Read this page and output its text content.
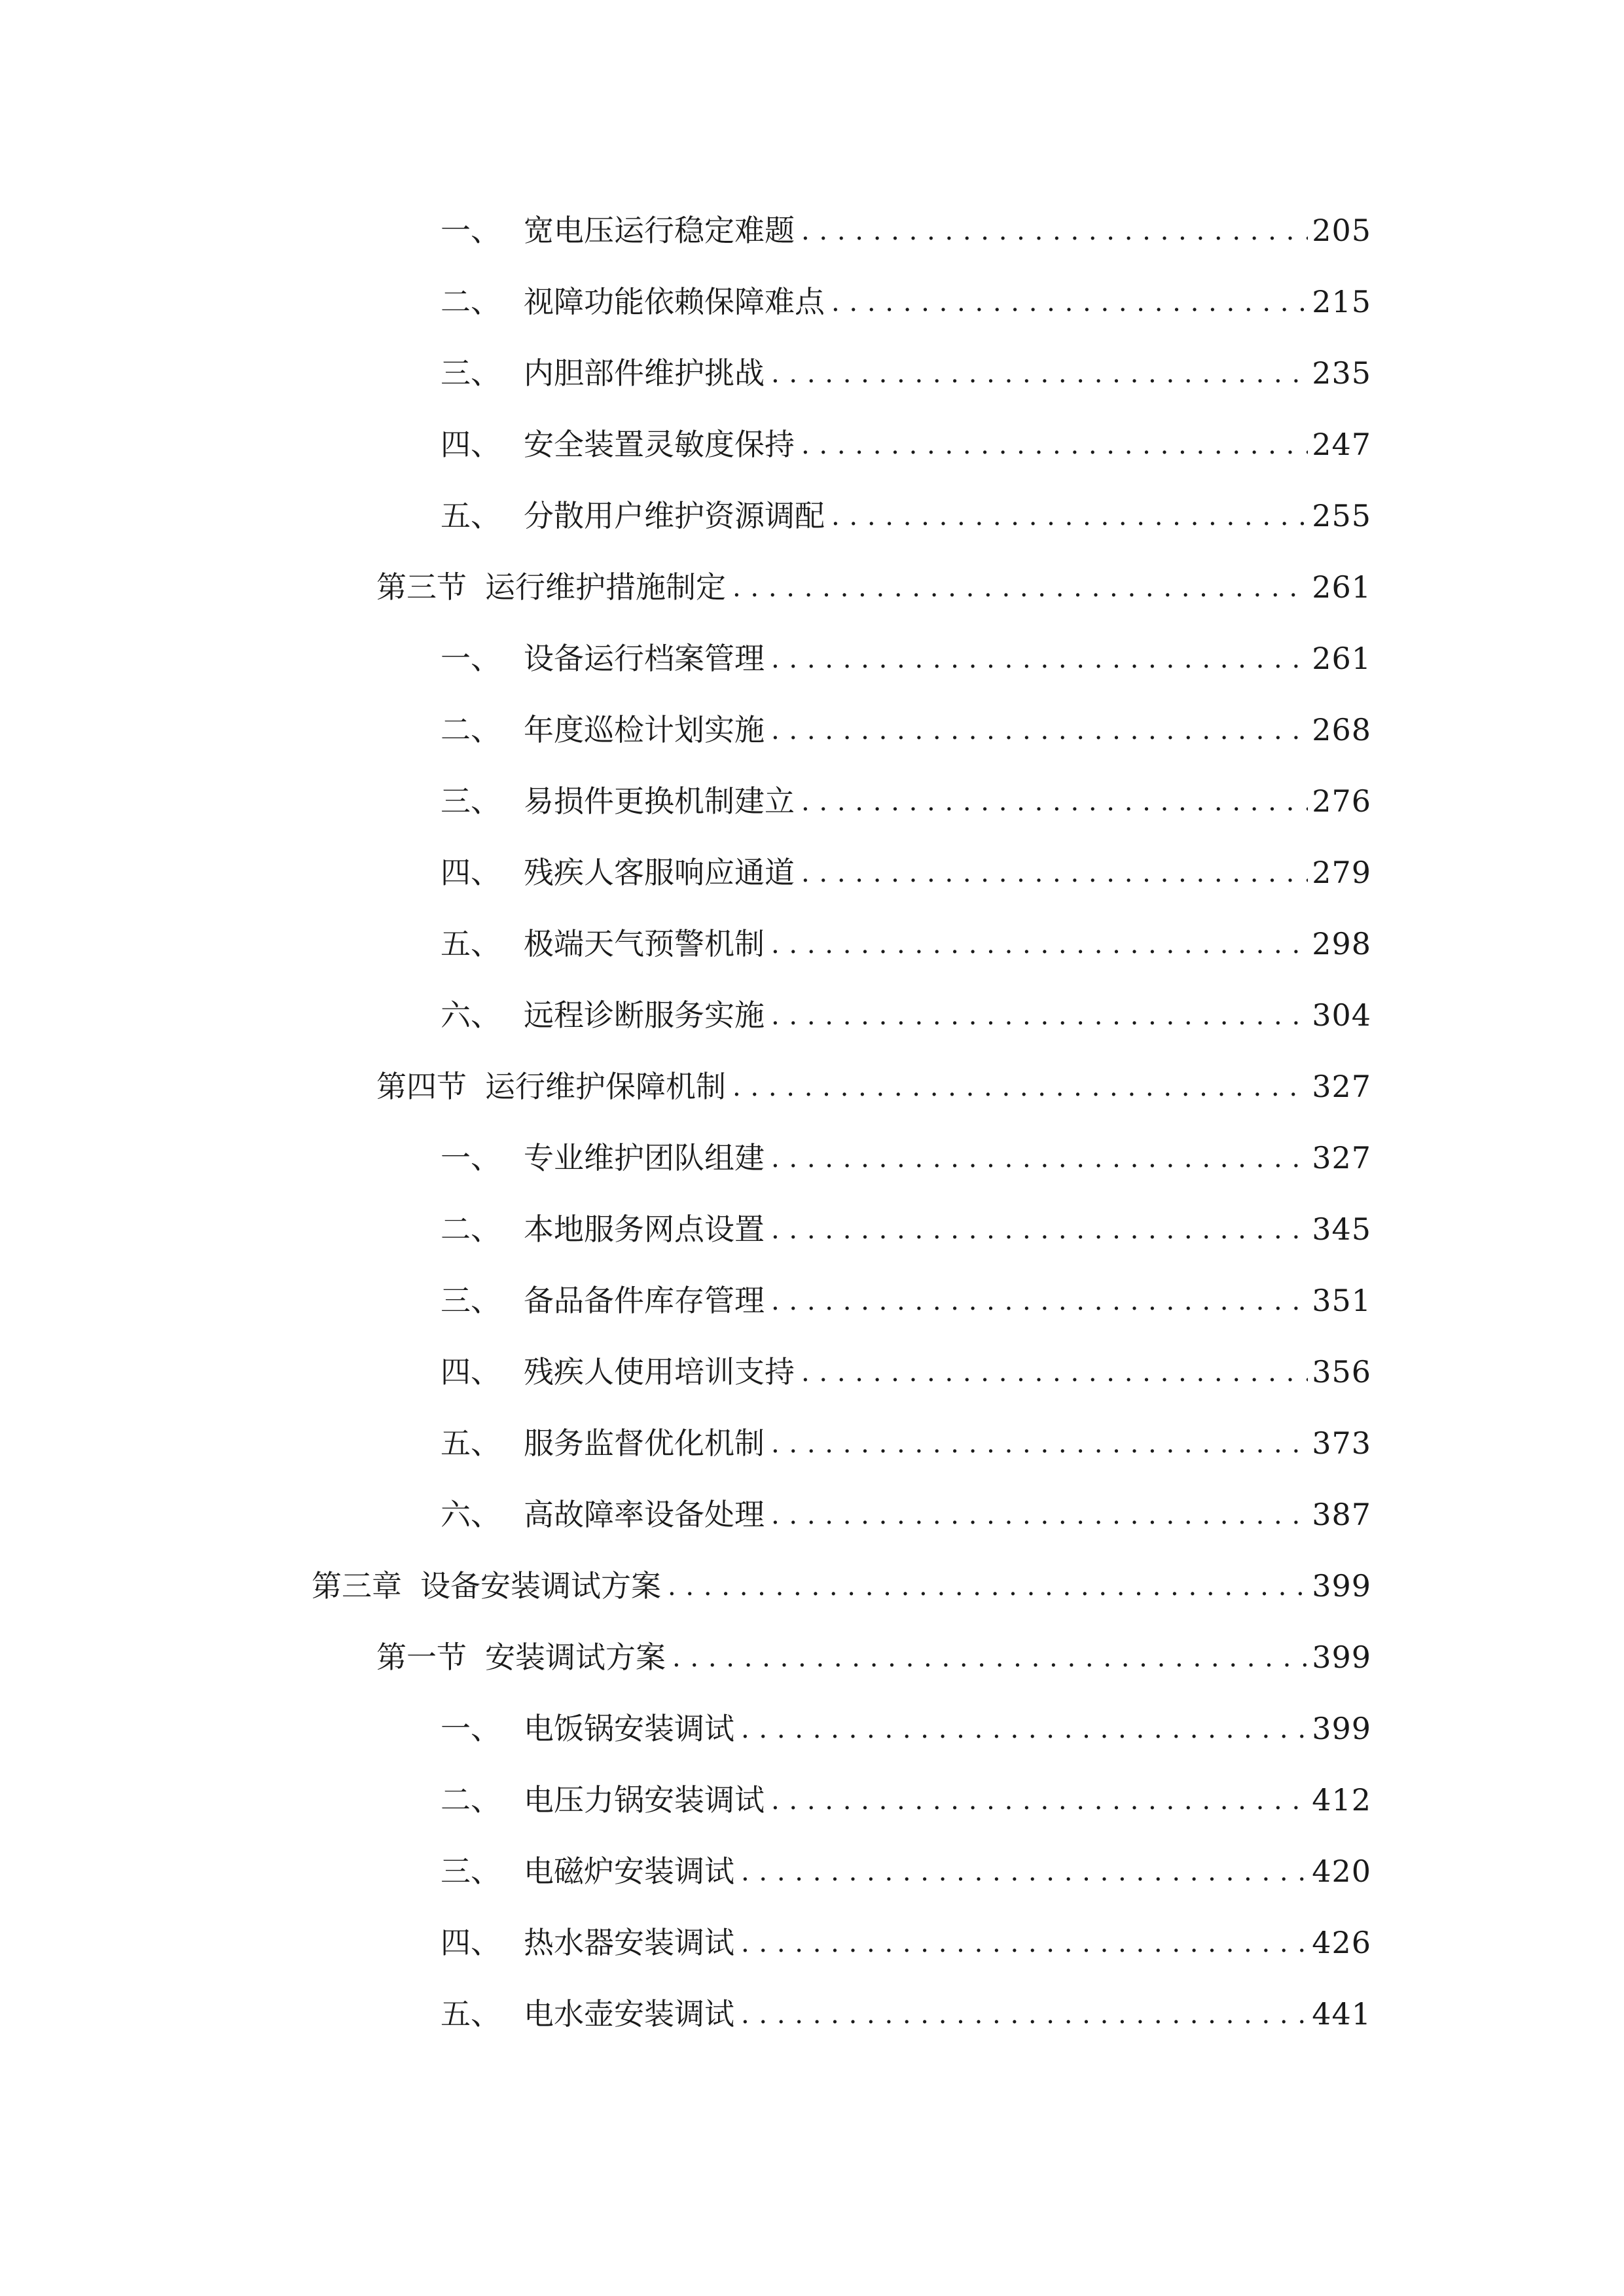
一、 宽电压运行稳定难题 . . .	205
二、 视障功能依赖保障难点 . . .	215
三、 内胆部件维护挑战 . . .	235
四、 安全装置灵敏度保持 . . .	247
五、 分散用户维护资源调配 . . .	255
第三节 运行维护措施制定 . . .	261
一、 设备运行档案管理 . . .	261
二、 年度巡检计划实施 . . .	268
三、 易损件更换机制建立 . . .	276
四、 残疾人客服响应通道 . . .	279
五、 极端天气预警机制 . . .	298
六、 远程诊断服务实施 . . .	304
第四节 运行维护保障机制 . . .	327
一、 专业维护团队组建 . . .	327
二、 本地服务网点设置 . . .	345
三、 备品备件库存管理 . . .	351
四、 残疾人使用培训支持 . . .	356
五、 服务监督优化机制 . . .	373
六、 高故障率设备处理 . . .	387
第三章 设备安装调试方案 . . .	399
第一节 安装调试方案 . . .	399
一、 电饭锅安装调试 . . .	399
二、 电压力锅安装调试 . . .	412
三、 电磁炉安装调试 . . .	420
四、 热水器安装调试 . . .	426
五、 电水壶安装调试 . . .	441
